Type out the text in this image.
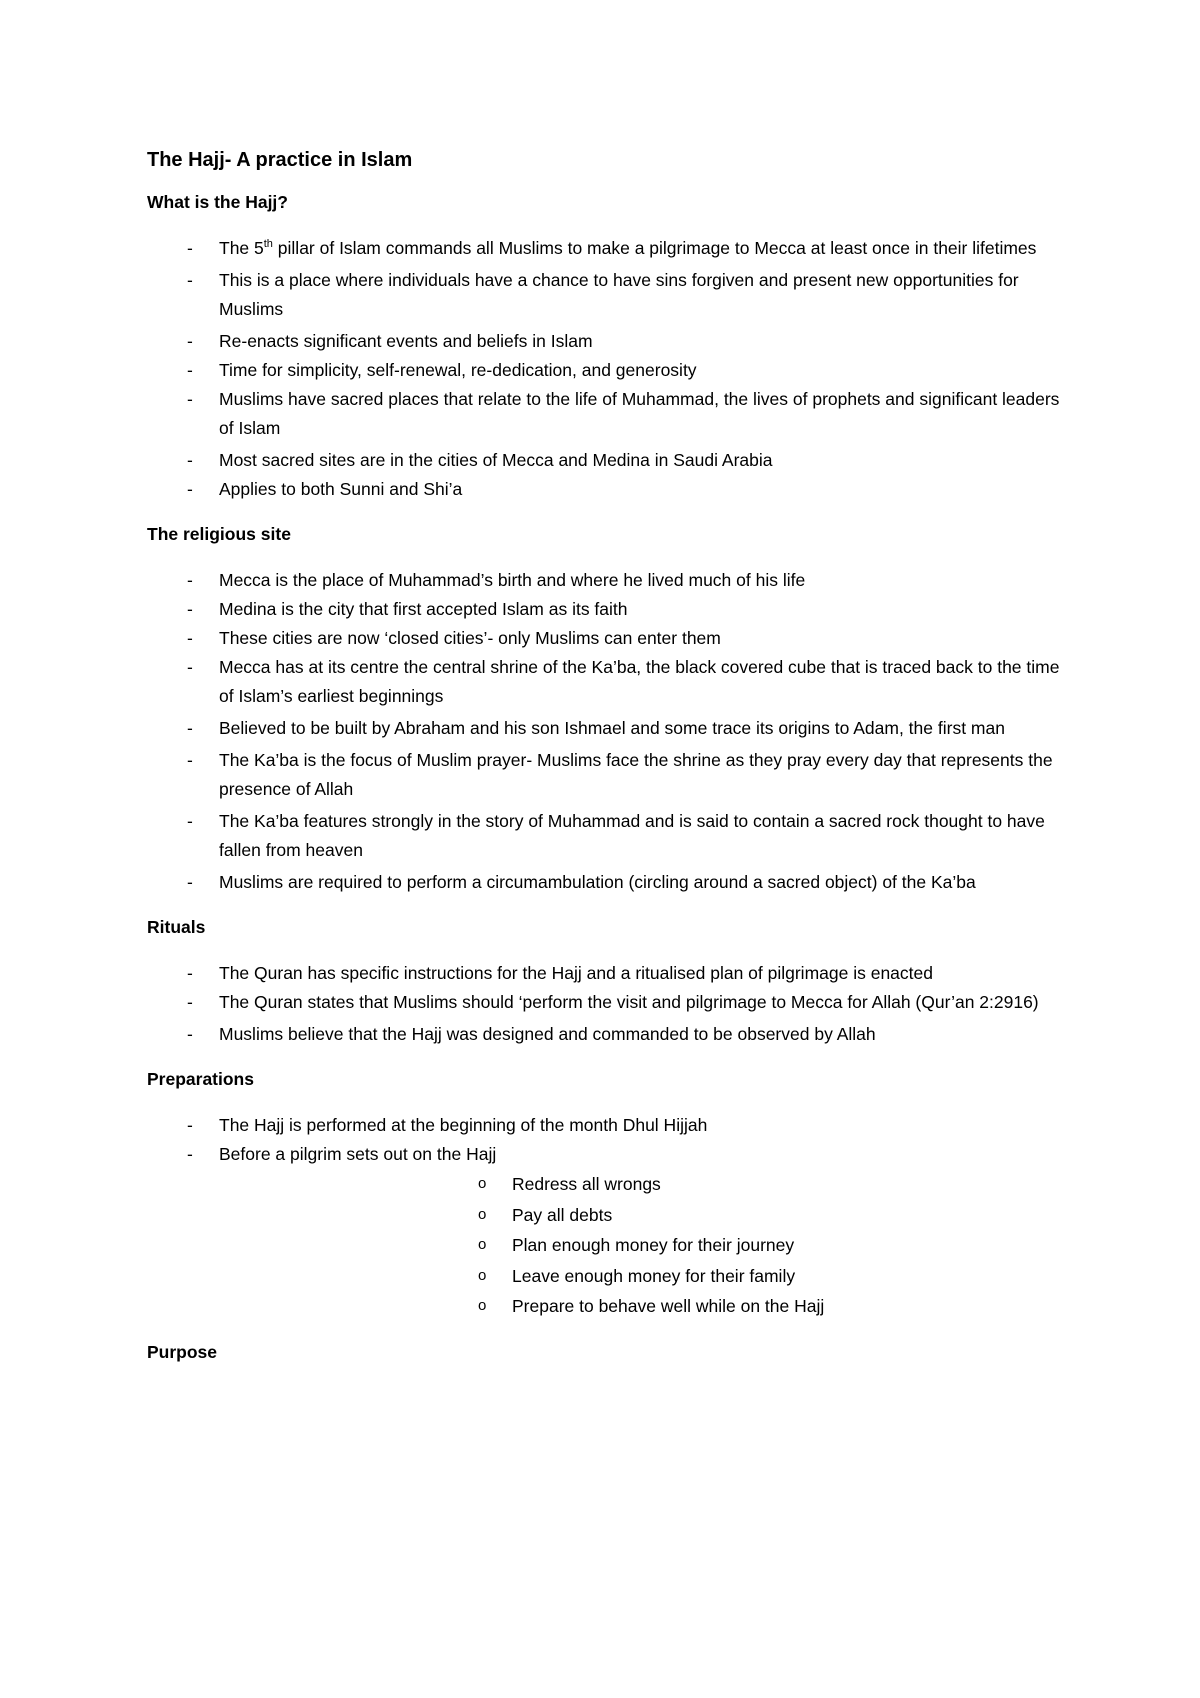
The Hajj- A practice in Islam
What is the Hajj?
-	The 5th pillar of Islam commands all Muslims to make a pilgrimage to Mecca at least once in their lifetimes
-	This is a place where individuals have a chance to have sins forgiven and present new opportunities for Muslims
-	Re-enacts significant events and beliefs in Islam
-	Time for simplicity, self-renewal, re-dedication, and generosity
-	Muslims have sacred places that relate to the life of Muhammad, the lives of prophets and significant leaders of Islam
-	Most sacred sites are in the cities of Mecca and Medina in Saudi Arabia
-	Applies to both Sunni and Shi’a
The religious site
-	Mecca is the place of Muhammad’s birth and where he lived much of his life
-	Medina is the city that first accepted Islam as its faith
-	These cities are now ‘closed cities’- only Muslims can enter them
-	Mecca has at its centre the central shrine of the Ka’ba, the black covered cube that is traced back to the time of Islam’s earliest beginnings
-	Believed to be built by Abraham and his son Ishmael and some trace its origins to Adam, the first man
-	The Ka’ba is the focus of Muslim prayer- Muslims face the shrine as they pray every day that represents the presence of Allah
-	The Ka’ba features strongly in the story of Muhammad and is said to contain a sacred rock thought to have fallen from heaven
-	Muslims are required to perform a circumambulation (circling around a sacred object) of the Ka’ba
Rituals
-	The Quran has specific instructions for the Hajj and a ritualised plan of pilgrimage is enacted
-	The Quran states that Muslims should ‘perform the visit and pilgrimage to Mecca for Allah (Qur’an 2:2916)
-	Muslims believe that the Hajj was designed and commanded to be observed by Allah
Preparations
-	The Hajj is performed at the beginning of the month Dhul Hijjah
-	Before a pilgrim sets out on the Hajj
o Redress all wrongs
o Pay all debts
o Plan enough money for their journey
o Leave enough money for their family
o Prepare to behave well while on the Hajj
Purpose
